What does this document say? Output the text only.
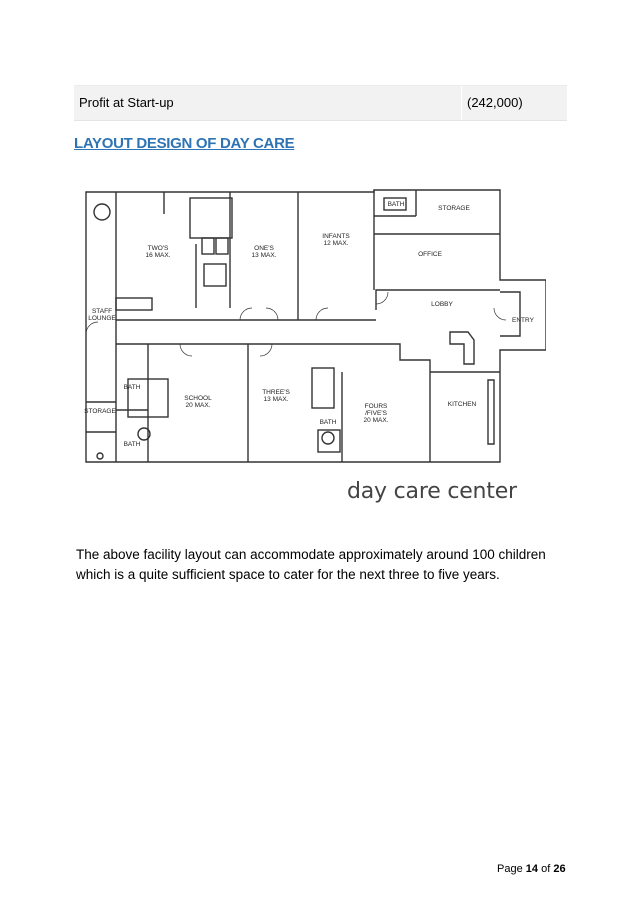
Profit at Start-up	(242,000)
LAYOUT DESIGN OF DAY CARE
TWO'S
16 MAX.
ONE'S
13 MAX.
INFANTS
12 MAX.
BATH
STORAGE
OFFICE
LOBBY
ENTRY
STAFF
LOUNGE
BATH
STORAGE
BATH
SCHOOL
20 MAX.
THREE'S
13 MAX.
FOURS
/FIVE'S
20 MAX.
BATH
KITCHEN
day care center
The above facility layout can accommodate approximately around 100 children
which is a quite sufficient space to cater for the next three to five years.
Page 14 of 26
